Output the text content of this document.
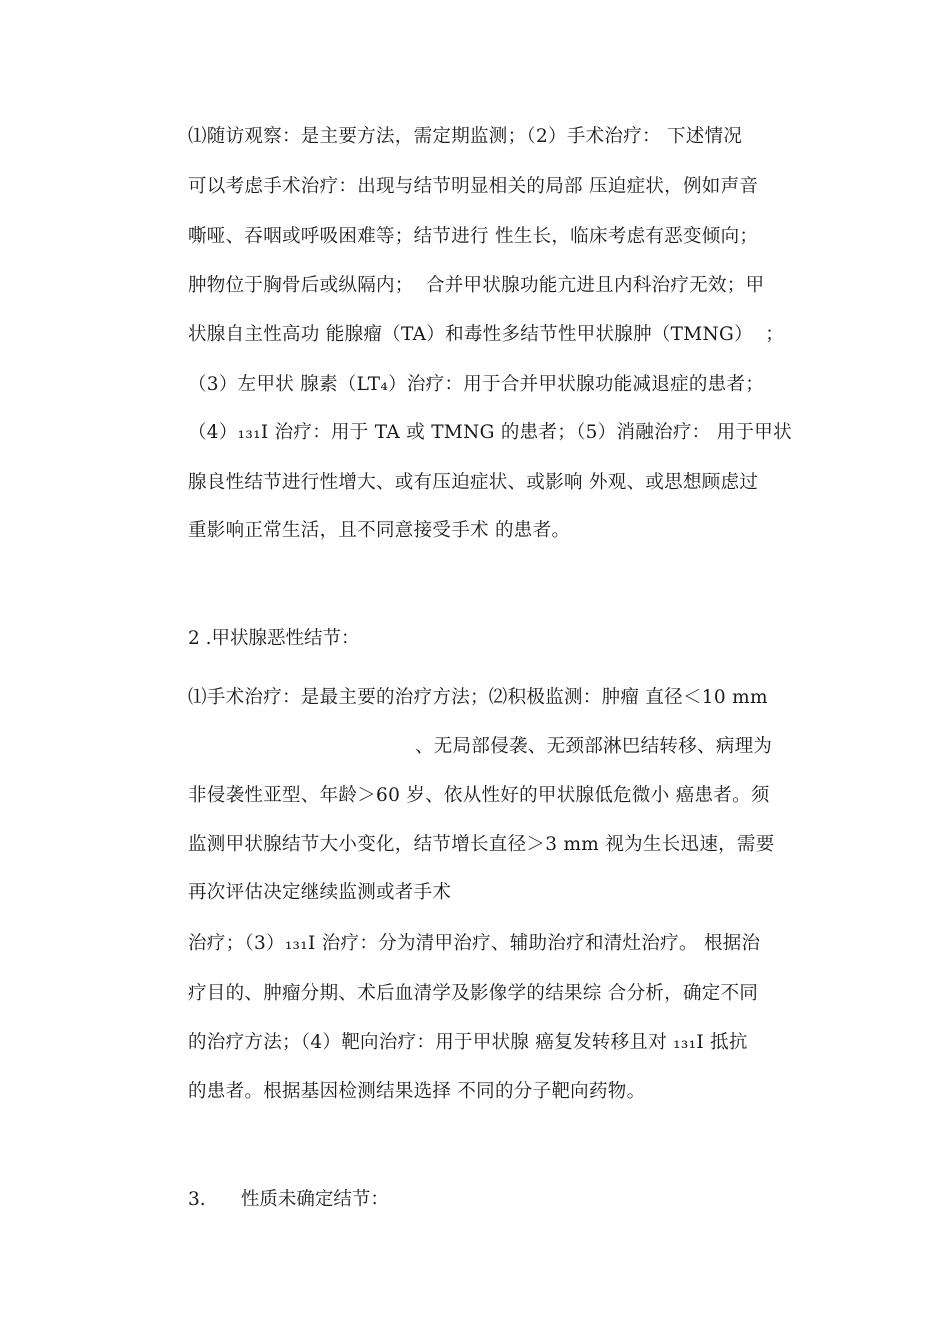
⑴随访观察：是主要方法，需定期监测；（2）手术治疗： 下述情况
可以考虑手术治疗：出现与结节明显相关的局部 压迫症状，例如声音
嘶哑、吞咽或呼吸困难等；结节进行 性生长，临床考虑有恶变倾向；
肿物位于胸骨后或纵隔内；  合并甲状腺功能亢进且内科治疗无效；甲
状腺自主性高功 能腺瘤（TA）和毒性多结节性甲状腺肿（TMNG）  ；
（3）左甲状 腺素（LT₄）治疗：用于合并甲状腺功能减退症的患者；
（4）₁₃₁I 治疗：用于 TA 或 TMNG 的患者；（5）消融治疗： 用于甲状
腺良性结节进行性增大、或有压迫症状、或影响 外观、或思想顾虑过
重影响正常生活，且不同意接受手术 的患者。
2 .甲状腺恶性结节：
⑴手术治疗：是最主要的治疗方法；⑵积极监测：肿瘤 直径＜10 mm
、无局部侵袭、无颈部淋巴结转移、病理为
非侵袭性亚型、年龄＞60 岁、依从性好的甲状腺低危微小 癌患者。须
监测甲状腺结节大小变化，结节增长直径＞3 mm 视为生长迅速，需要
再次评估决定继续监测或者手术
治疗；（3）₁₃₁I 治疗：分为清甲治疗、辅助治疗和清灶治疗。 根据治
疗目的、肿瘤分期、术后血清学及影像学的结果综 合分析，确定不同
的治疗方法；（4）靶向治疗：用于甲状腺 癌复发转移且对 ₁₃₁I 抵抗
的患者。根据基因检测结果选择 不同的分子靶向药物。
3.      性质未确定结节：
